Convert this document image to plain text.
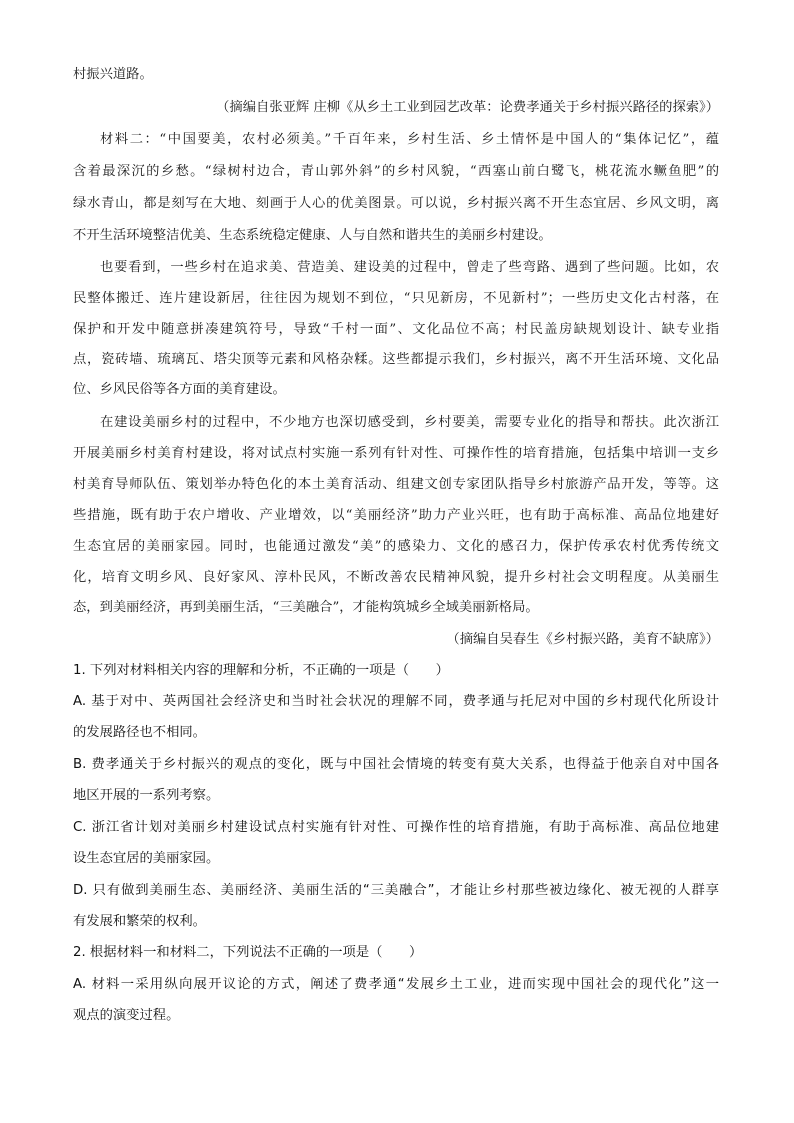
村振兴道路。
（摘编自张亚辉 庄柳《从乡土工业到园艺改革：论费孝通关于乡村振兴路径的探索》）
材料二：“中国要美，农村必须美。”千百年来，乡村生活、乡土情怀是中国人的“集体记忆”，蕴
含着最深沉的乡愁。“绿树村边合，青山郭外斜”的乡村风貌，“西塞山前白鹭飞，桃花流水鳜鱼肥”的
绿水青山，都是刻写在大地、刻画于人心的优美图景。可以说，乡村振兴离不开生态宜居、乡风文明，离
不开生活环境整洁优美、生态系统稳定健康、人与自然和谐共生的美丽乡村建设。
也要看到，一些乡村在追求美、营造美、建设美的过程中，曾走了些弯路、遇到了些问题。比如，农
民整体搬迁、连片建设新居，往往因为规划不到位，“只见新房，不见新村”；一些历史文化古村落，在
保护和开发中随意拼凑建筑符号，导致“千村一面”、文化品位不高；村民盖房缺规划设计、缺专业指
点，瓷砖墙、琉璃瓦、塔尖顶等元素和风格杂糅。这些都提示我们，乡村振兴，离不开生活环境、文化品
位、乡风民俗等各方面的美育建设。
在建设美丽乡村的过程中，不少地方也深切感受到，乡村要美，需要专业化的指导和帮扶。此次浙江
开展美丽乡村美育村建设，将对试点村实施一系列有针对性、可操作性的培育措施，包括集中培训一支乡
村美育导师队伍、策划举办特色化的本土美育活动、组建文创专家团队指导乡村旅游产品开发，等等。这
些措施，既有助于农户增收、产业增效，以“美丽经济”助力产业兴旺，也有助于高标准、高品位地建好
生态宜居的美丽家园。同时，也能通过激发“美”的感染力、文化的感召力，保护传承农村优秀传统文
化，培育文明乡风、良好家风、淳朴民风，不断改善农民精神风貌，提升乡村社会文明程度。从美丽生
态，到美丽经济，再到美丽生活，“三美融合”，才能构筑城乡全域美丽新格局。
（摘编自吴春生《乡村振兴路，美育不缺席》）
1. 下列对材料相关内容的理解和分析，不正确的一项是（　　）
A. 基于对中、英两国社会经济史和当时社会状况的理解不同，费孝通与托尼对中国的乡村现代化所设计
的发展路径也不相同。
B. 费孝通关于乡村振兴的观点的变化，既与中国社会情境的转变有莫大关系，也得益于他亲自对中国各
地区开展的一系列考察。
C. 浙江省计划对美丽乡村建设试点村实施有针对性、可操作性的培育措施，有助于高标准、高品位地建
设生态宜居的美丽家园。
D. 只有做到美丽生态、美丽经济、美丽生活的“三美融合”，才能让乡村那些被边缘化、被无视的人群享
有发展和繁荣的权利。
2. 根据材料一和材料二，下列说法不正确的一项是（　　）
A. 材料一采用纵向展开议论的方式，阐述了费孝通“发展乡土工业，进而实现中国社会的现代化”这一
观点的演变过程。
